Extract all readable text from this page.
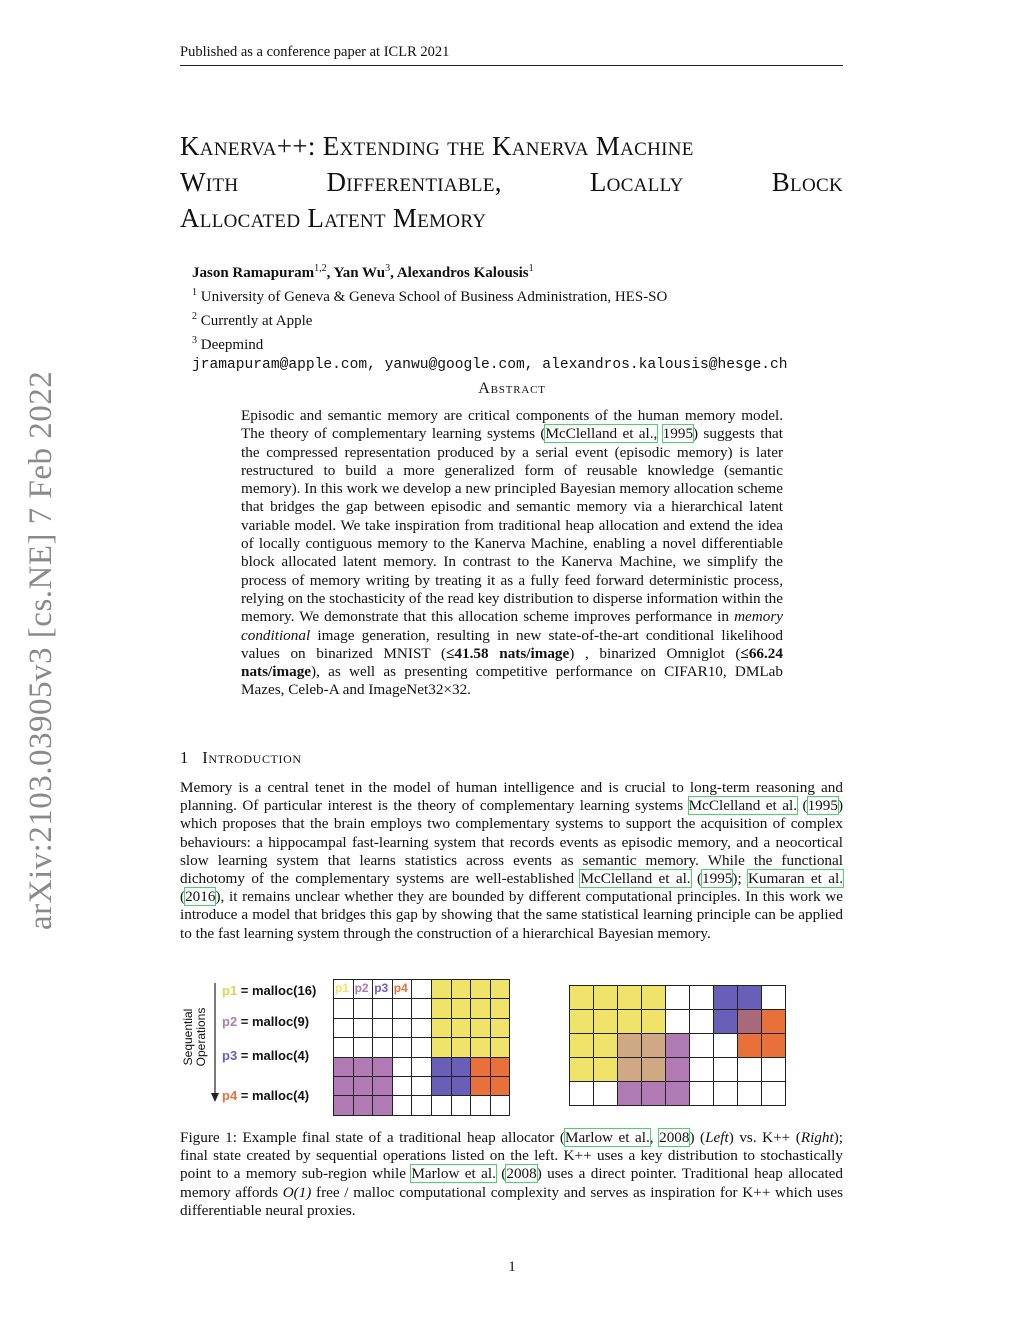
Published as a conference paper at ICLR 2021
Kanerva++: Extending the Kanerva Machine
With	Differentiable,	Locally	Block
Allocated Latent Memory
Jason Ramapuram$^{1,2}$, Yan Wu$^3$, Alexandros Kalousis$^1$
$^1$ University of Geneva & Geneva School of Business Administration, HES-SO
$^2$ Currently at Apple
$^3$ Deepmind
jramapuram@apple.com, yanwu@google.com, alexandros.kalousis@hesge.ch
Abstract
Episodic and semantic memory are critical components of the human memory model. The theory of complementary learning systems (McClelland et al., 1995) suggests that the compressed representation produced by a serial event (episodic memory) is later restructured to build a more generalized form of reusable knowledge (semantic memory). In this work we develop a new principled Bayesian memory allocation scheme that bridges the gap between episodic and semantic memory via a hierarchical latent variable model. We take inspiration from traditional heap allocation and extend the idea of locally contiguous memory to the Kanerva Machine, enabling a novel differentiable block allocated latent memory. In contrast to the Kanerva Machine, we simplify the process of memory writing by treating it as a fully feed forward deterministic process, relying on the stochasticity of the read key distribution to disperse information within the memory. We demonstrate that this allocation scheme improves performance in memory conditional image generation, resulting in new state-of-the-art conditional likelihood values on binarized MNIST (≤41.58 nats/image) , binarized Omniglot (≤66.24 nats/image), as well as presenting competitive performance on CIFAR10, DMLab Mazes, Celeb-A and ImageNet32×32.
1 Introduction
Memory is a central tenet in the model of human intelligence and is crucial to long-term reasoning and planning. Of particular interest is the theory of complementary learning systems McClelland et al. (1995) which proposes that the brain employs two complementary systems to support the acquisition of complex behaviours: a hippocampal fast-learning system that records events as episodic memory, and a neocortical slow learning system that learns statistics across events as semantic memory. While the functional dichotomy of the complementary systems are well-established McClelland et al. (1995); Kumaran et al. (2016), it remains unclear whether they are bounded by different computational principles. In this work we introduce a model that bridges this gap by showing that the same statistical learning principle can be applied to the fast learning system through the construction of a hierarchical Bayesian memory.
Sequential Operations
p1 = malloc(16)
p2 = malloc(9)
p3 = malloc(4)
p4 = malloc(4)
p1 p2 p3 p4
Figure 1: Example final state of a traditional heap allocator (Marlow et al., 2008) (Left) vs. K++ (Right); final state created by sequential operations listed on the left. K++ uses a key distribution to stochastically point to a memory sub-region while Marlow et al. (2008) uses a direct pointer. Traditional heap allocated memory affords O(1) free / malloc computational complexity and serves as inspiration for K++ which uses differentiable neural proxies.
1
arXiv:2103.03905v3 [cs.NE] 7 Feb 2022
